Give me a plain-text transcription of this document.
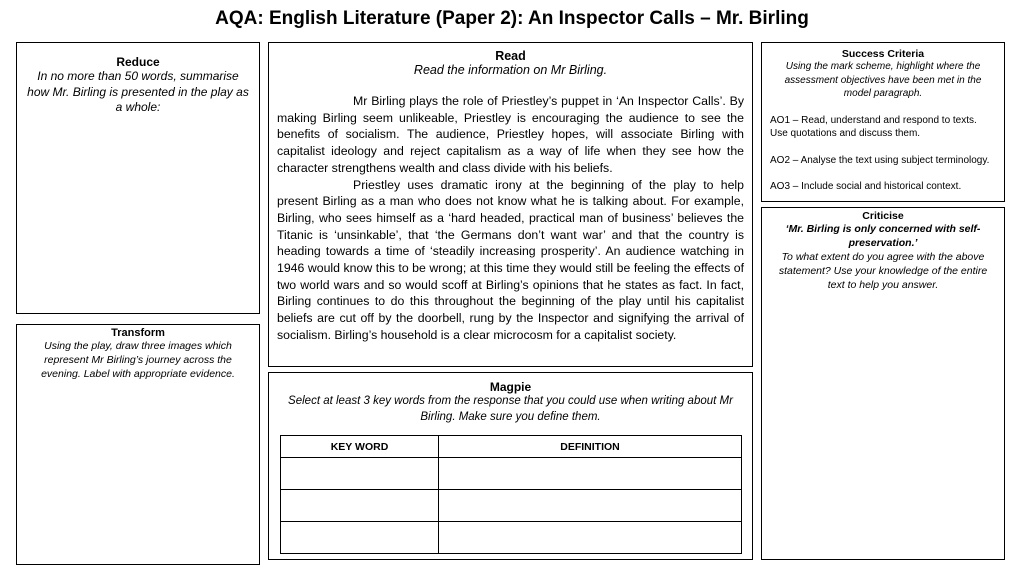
AQA: English Literature (Paper 2): An Inspector Calls – Mr. Birling
Reduce
In no more than 50 words, summarise how Mr. Birling is presented in the play as a whole:
Transform
Using the play, draw three images which represent Mr Birling’s journey across the evening. Label with appropriate evidence.
Read
Read the information on Mr Birling.

Mr Birling plays the role of Priestley’s puppet in ‘An Inspector Calls’. By making Birling seem unlikeable, Priestley is encouraging the audience to see the benefits of socialism. The audience, Priestley hopes, will associate Birling with capitalist ideology and reject capitalism as a way of life when they see how the character strengthens wealth and class divide with his beliefs.

Priestley uses dramatic irony at the beginning of the play to help present Birling as a man who does not know what he is talking about. For example, Birling, who sees himself as a ‘hard headed, practical man of business’ believes the Titanic is ‘unsinkable’, that ‘the Germans don’t want war’ and that the country is heading towards a time of ‘steadily increasing prosperity’. An audience watching in 1946 would know this to be wrong; at this time they would still be feeling the effects of two world wars and so would scoff at Birling’s opinions that he states as fact. In fact, Birling continues to do this throughout the beginning of the play until his capitalist beliefs are cut off by the doorbell, rung by the Inspector and signifying the arrival of socialism. Birling’s household is a clear microcosm for a capitalist society.

Magpie
Select at least 3 key words from the response that you could use when writing about Mr Birling. Make sure you define them.
KEY WORD	DEFINITION

Success Criteria
Using the mark scheme, highlight where the assessment objectives have been met in the model paragraph.

AO1 – Read, understand and respond to texts. Use quotations and discuss them.

AO2 – Analyse the text using subject terminology.

AO3 – Include social and historical context.

Criticise
‘Mr. Birling is only concerned with self-preservation.’
To what extent do you agree with the above statement? Use your knowledge of the entire text to help you answer.
